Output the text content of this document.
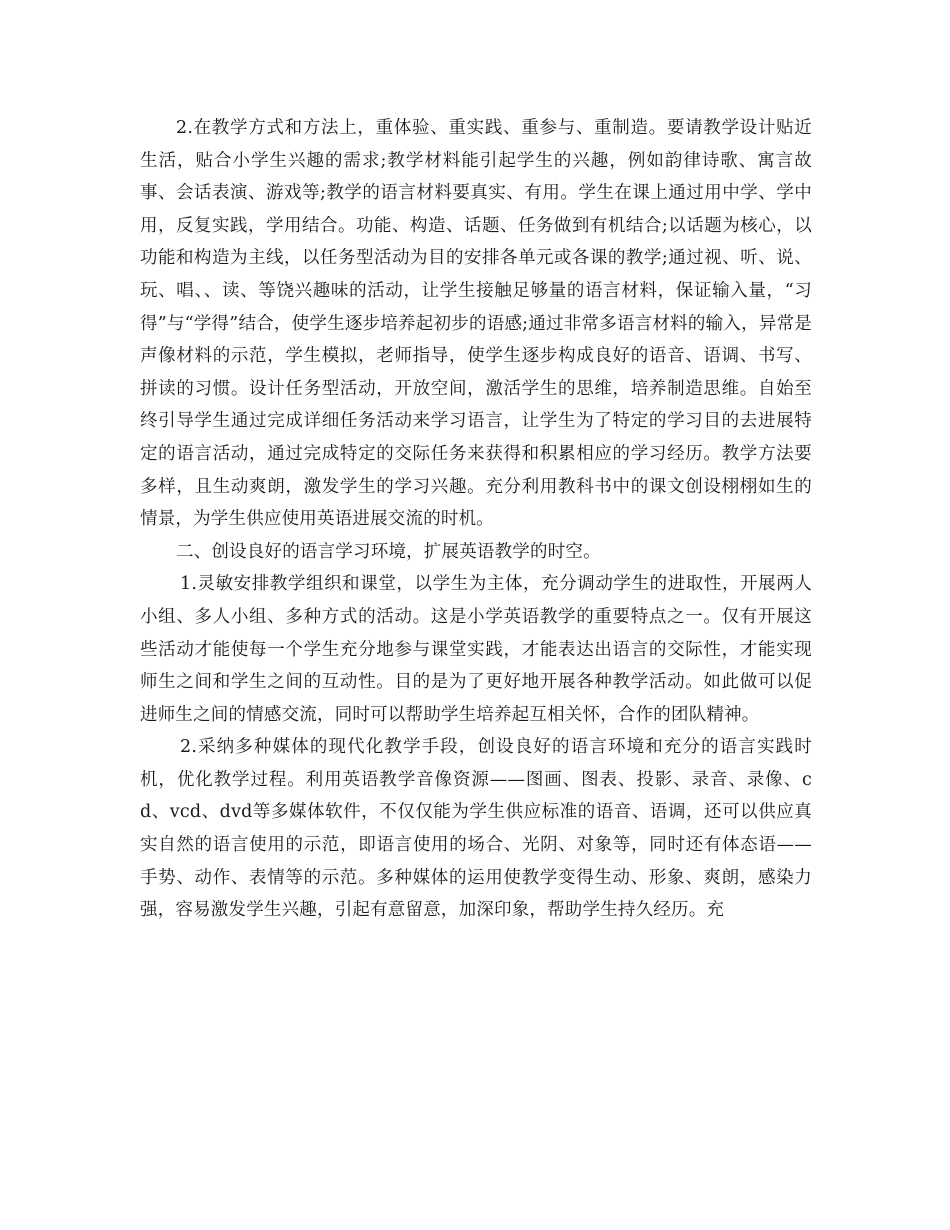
2.在教学方式和方法上，重体验、重实践、重参与、重制造。要请教学设计贴近生活，贴合小学生兴趣的需求;教学材料能引起学生的兴趣，例如韵律诗歌、寓言故事、会话表演、游戏等;教学的语言材料要真实、有用。学生在课上通过用中学、学中用，反复实践，学用结合。功能、构造、话题、任务做到有机结合;以话题为核心，以功能和构造为主线，以任务型活动为目的安排各单元或各课的教学;通过视、听、说、玩、唱、、读、等饶兴趣味的活动，让学生接触足够量的语言材料，保证输入量，“习得”与“学得”结合，使学生逐步培养起初步的语感;通过非常多语言材料的输入，异常是声像材料的示范，学生模拟，老师指导，使学生逐步构成良好的语音、语调、书写、拼读的习惯。设计任务型活动，开放空间，激活学生的思维，培养制造思维。自始至终引导学生通过完成详细任务活动来学习语言，让学生为了特定的学习目的去进展特定的语言活动，通过完成特定的交际任务来获得和积累相应的学习经历。教学方法要多样，且生动爽朗，激发学生的学习兴趣。充分利用教科书中的课文创设栩栩如生的情景，为学生供应使用英语进展交流的时机。

二、创设良好的语言学习环境，扩展英语教学的时空。

1.灵敏安排教学组织和课堂，以学生为主体，充分调动学生的进取性，开展两人小组、多人小组、多种方式的活动。这是小学英语教学的重要特点之一。仅有开展这些活动才能使每一个学生充分地参与课堂实践，才能表达出语言的交际性，才能实现师生之间和学生之间的互动性。目的是为了更好地开展各种教学活动。如此做可以促进师生之间的情感交流，同时可以帮助学生培养起互相关怀，合作的团队精神。

2.采纳多种媒体的现代化教学手段，创设良好的语言环境和充分的语言实践时机，优化教学过程。利用英语教学音像资源——图画、图表、投影、录音、录像、cd、vcd、dvd等多媒体软件，不仅仅能为学生供应标准的语音、语调，还可以供应真实自然的语言使用的示范，即语言使用的场合、光阴、对象等，同时还有体态语——手势、动作、表情等的示范。多种媒体的运用使教学变得生动、形象、爽朗，感染力强，容易激发学生兴趣，引起有意留意，加深印象，帮助学生持久经历。充
